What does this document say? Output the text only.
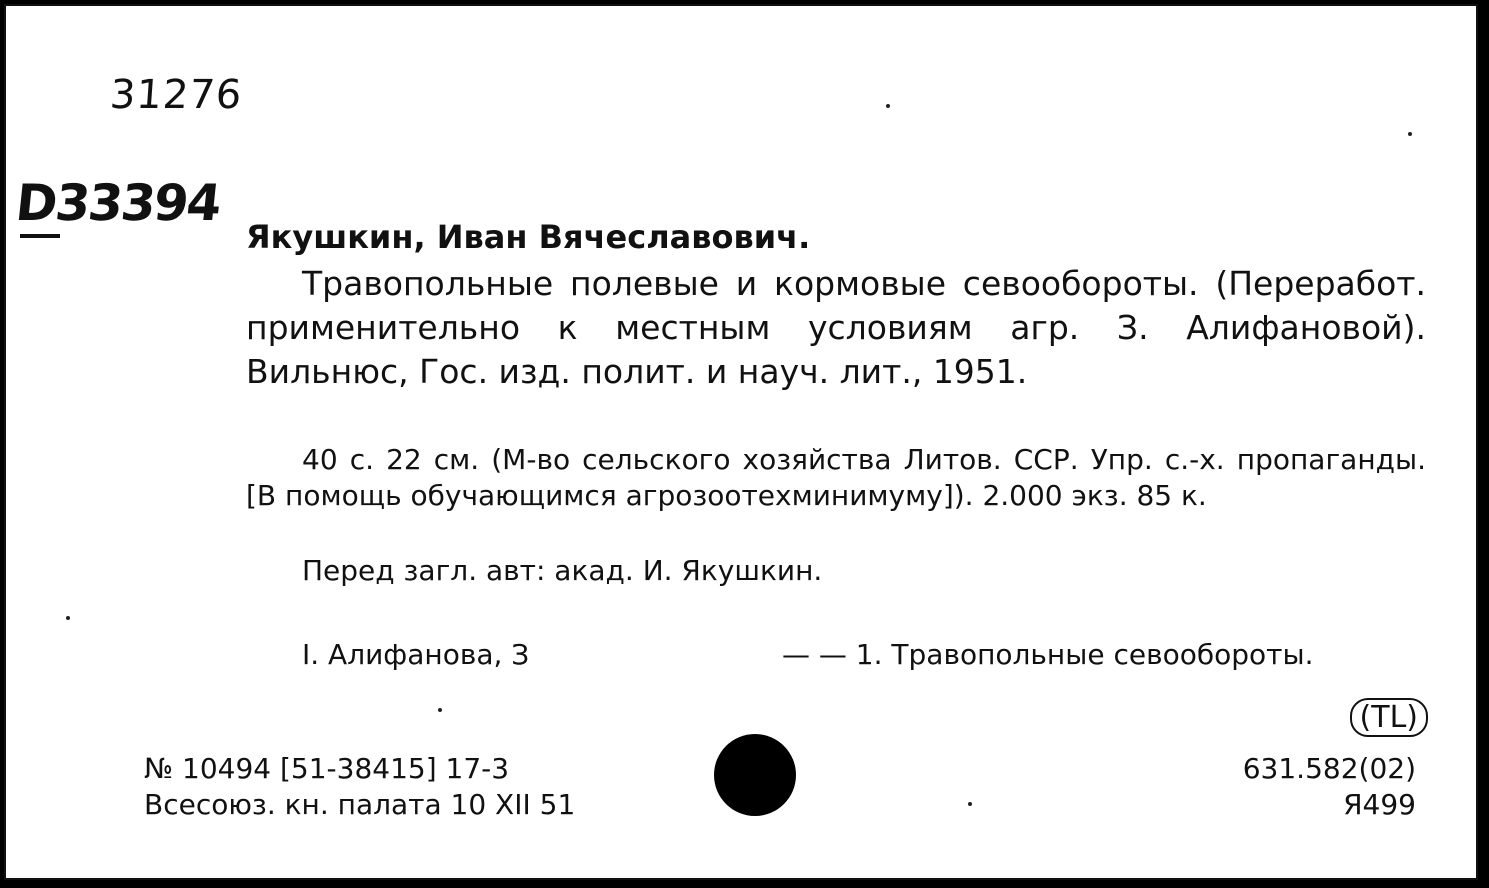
31276
D33394
Якушкин, Иван Вячеславович.
Травопольные полевые и кормовые севообороты. (Переработ. применительно к местным условиям агр. З. Алифановой). Вильнюс, Гос. изд. полит. и науч. лит., 1951.
40 с. 22 см. (М-во сельского хозяйства Литов. ССР. Упр. с.-х. пропаганды. [В помощь обучающимся агрозоотехминимуму]). 2.000 экз. 85 к.
Перед загл. авт: акад. И. Якушкин.
I. Алифанова, З	— — 1. Травопольные севообороты.
№ 10494 [51-38415] 17-3
Всесоюз. кн. палата 10 XII 51
(TL)
631.582(02)
Я499
